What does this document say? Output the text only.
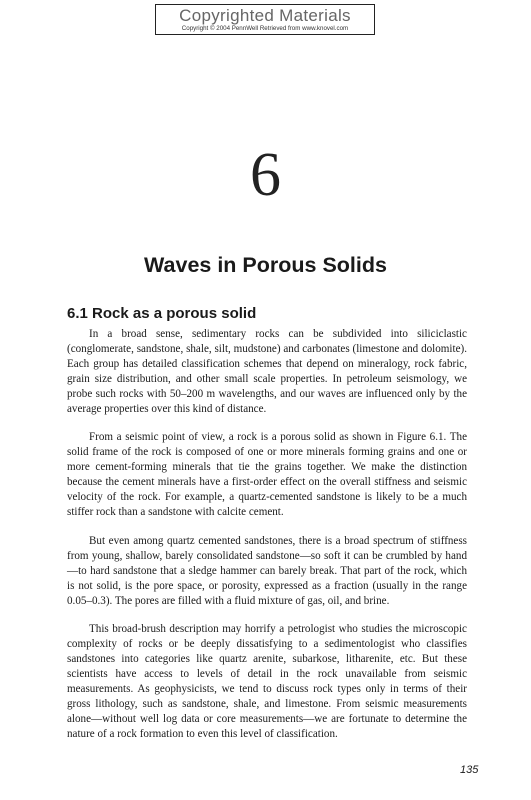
Copyrighted Materials
Copyright © 2004 PennWell Retrieved from www.knovel.com
6
Waves in Porous Solids
6.1 Rock as a porous solid

In a broad sense, sedimentary rocks can be subdivided into siliciclastic (conglomerate, sandstone, shale, silt, mudstone) and carbonates (limestone and dolomite). Each group has detailed classification schemes that depend on mineralogy, rock fabric, grain size distribution, and other small scale properties. In petroleum seismology, we probe such rocks with 50–200 m wavelengths, and our waves are influenced only by the average properties over this kind of distance.

From a seismic point of view, a rock is a porous solid as shown in Figure 6.1. The solid frame of the rock is composed of one or more minerals forming grains and one or more cement-forming minerals that tie the grains together. We make the distinction because the cement minerals have a first-order effect on the overall stiffness and seismic velocity of the rock. For example, a quartz-cemented sandstone is likely to be a much stiffer rock than a sandstone with calcite cement.

But even among quartz cemented sandstones, there is a broad spectrum of stiffness from young, shallow, barely consolidated sandstone—so soft it can be crumbled by hand—to hard sandstone that a sledge hammer can barely break. That part of the rock, which is not solid, is the pore space, or porosity, expressed as a fraction (usually in the range 0.05–0.3). The pores are filled with a fluid mixture of gas, oil, and brine.

This broad-brush description may horrify a petrologist who studies the microscopic complexity of rocks or be deeply dissatisfying to a sedimentologist who classifies sandstones into categories like quartz arenite, subarkose, litharenite, etc. But these scientists have access to levels of detail in the rock unavailable from seismic measurements. As geophysicists, we tend to discuss rock types only in terms of their gross lithology, such as sandstone, shale, and limestone. From seismic measurements alone—without well log data or core measurements—we are fortunate to determine the nature of a rock formation to even this level of classification.

135
